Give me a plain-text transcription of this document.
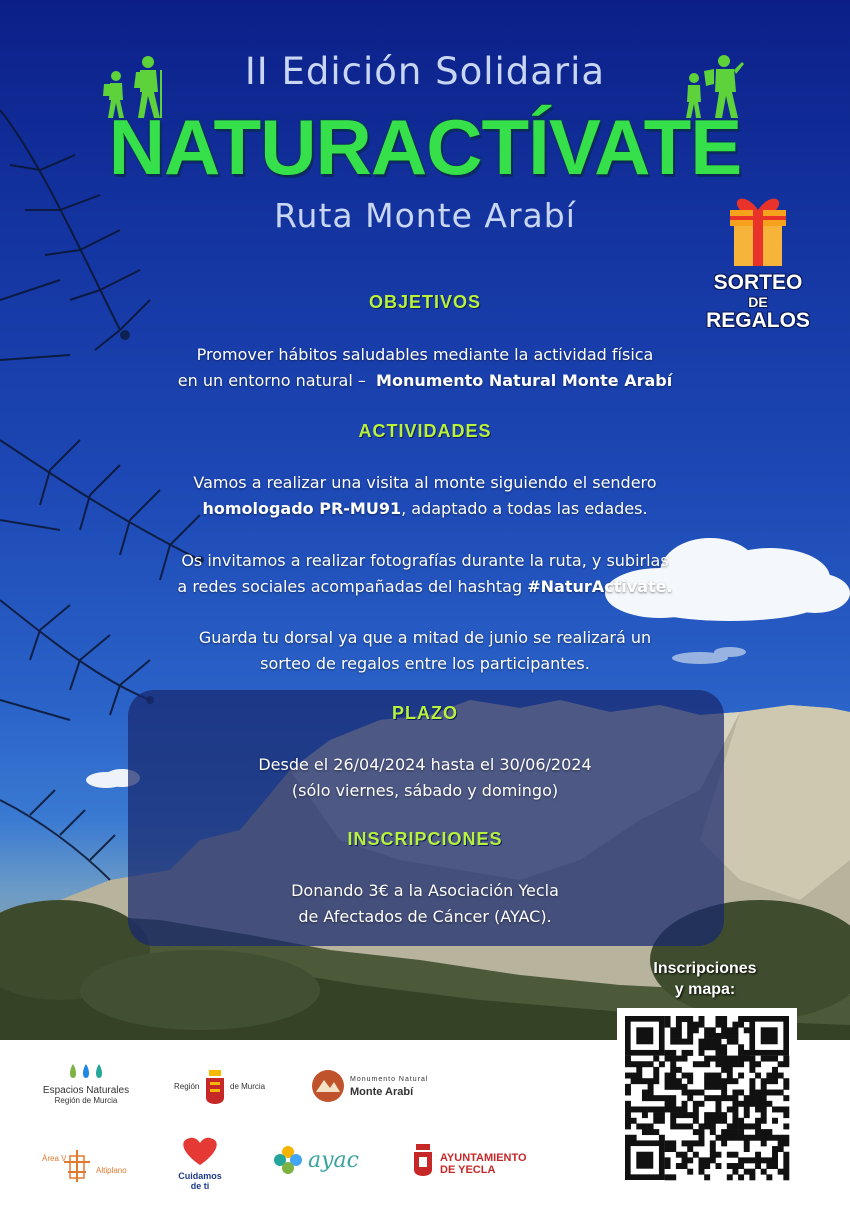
II Edición Solidaria
NATURACTÍVATE
Ruta Monte Arabí
SORTEO
DE
REGALOS
OBJETIVOS
Promover hábitos saludables mediante la actividad física
en un entorno natural – Monumento Natural Monte Arabí
ACTIVIDADES
Vamos a realizar una visita al monte siguiendo el sendero
homologado PR-MU91, adaptado a todas las edades.
Os invitamos a realizar fotografías durante la ruta, y subirlas
a redes sociales acompañadas del hashtag #NaturActivate.
Guarda tu dorsal ya que a mitad de junio se realizará un
sorteo de regalos entre los participantes.
PLAZO
Desde el 26/04/2024 hasta el 30/06/2024
(sólo viernes, sábado y domingo)
INSCRIPCIONES
Donando 3€ a la Asociación Yecla
de Afectados de Cáncer (AYAC).
Espacios Naturales
Región de Murcia
Región	de Murcia
Monumento Natural
Monte Arabí
Área V
Altiplano
Cuidamos
de ti
ayac	AYUNTAMIENTO
DE YECLA
Inscripciones
y mapa:
